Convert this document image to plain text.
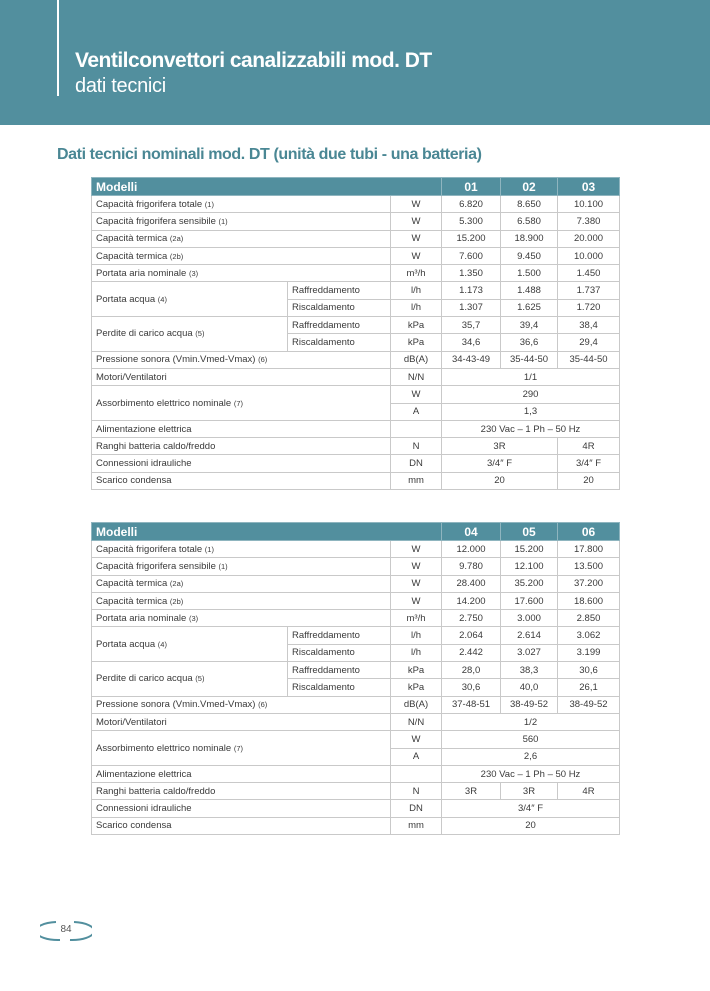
Ventilconvettori canalizzabili mod. DT
dati tecnici
Dati tecnici nominali mod. DT (unità due tubi - una batteria)
Modelli			01	02	03
Capacità frigorifera totale (1)		W	6.820	8.650	10.100
Capacità frigorifera sensibile (1)		W	5.300	6.580	7.380
Capacità termica (2a)		W	15.200	18.900	20.000
Capacità termica (2b)		W	7.600	9.450	10.000
Portata aria nominale (3)		m³/h	1.350	1.500	1.450
Portata acqua (4)	Raffreddamento	l/h	1.173	1.488	1.737
	Riscaldamento	l/h	1.307	1.625	1.720
Perdite di carico acqua (5)	Raffreddamento	kPa	35,7	39,4	38,4
	Riscaldamento	kPa	34,6	36,6	29,4
Pressione sonora (Vmin.Vmed-Vmax) (6)		dB(A)	34-43-49	35-44-50	35-44-50
Motori/Ventilatori		N/N	1/1		
Assorbimento elettrico nominale (7)		W	290		
		A	1,3		
Alimentazione elettrica			230 Vac – 1 Ph – 50 Hz		
Ranghi batteria caldo/freddo		N	3R		4R
Connessioni idrauliche		DN	3/4″ F		3/4″ F
Scarico condensa		mm	20		20
Modelli			04	05	06
Capacità frigorifera totale (1)		W	12.000	15.200	17.800
Capacità frigorifera sensibile (1)		W	9.780	12.100	13.500
Capacità termica (2a)		W	28.400	35.200	37.200
Capacità termica (2b)		W	14.200	17.600	18.600
Portata aria nominale (3)		m³/h	2.750	3.000	2.850
Portata acqua (4)	Raffreddamento	l/h	2.064	2.614	3.062
	Riscaldamento	l/h	2.442	3.027	3.199
Perdite di carico acqua (5)	Raffreddamento	kPa	28,0	38,3	30,6
	Riscaldamento	kPa	30,6	40,0	26,1
Pressione sonora (Vmin.Vmed-Vmax) (6)		dB(A)	37-48-51	38-49-52	38-49-52
Motori/Ventilatori		N/N	1/2		
Assorbimento elettrico nominale (7)		W	560		
		A	2,6		
Alimentazione elettrica			230 Vac – 1 Ph – 50 Hz		
Ranghi batteria caldo/freddo		N	3R	3R	4R
Connessioni idrauliche		DN	3/4″ F		
Scarico condensa		mm	20		
84
